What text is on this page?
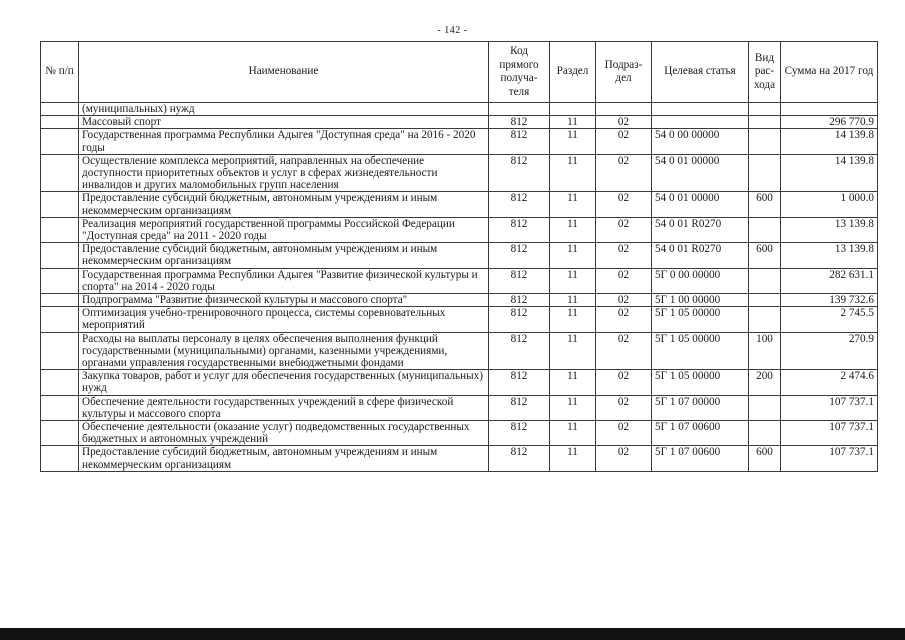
- 142 -
№ п/п	Наименование	Код прямого получа-теля	Раздел	Подраз-дел	Целевая статья	Вид рас-хода	Сумма на 2017 год
	(муниципальных) нужд						
	Массовый спорт	812	11	02			296 770.9
	Государственная программа Республики Адыгея "Доступная среда" на 2016 - 2020 годы	812	11	02	54 0 00 00000		14 139.8
	Осуществление комплекса мероприятий, направленных на обеспечение доступности приоритетных объектов и услуг в сферах жизнедеятельности инвалидов и других маломобильных групп населения	812	11	02	54 0 01 00000		14 139.8
	Предоставление субсидий бюджетным, автономным учреждениям и иным некоммерческим организациям	812	11	02	54 0 01 00000	600	1 000.0
	Реализация мероприятий государственной программы Российской Федерации "Доступная среда" на 2011 - 2020 годы	812	11	02	54 0 01 R0270		13 139.8
	Предоставление субсидий бюджетным, автономным учреждениям и иным некоммерческим организациям	812	11	02	54 0 01 R0270	600	13 139.8
	Государственная программа Республики Адыгея "Развитие физической культуры и спорта" на 2014 - 2020 годы	812	11	02	5Г 0 00 00000		282 631.1
	Подпрограмма "Развитие физической культуры и массового спорта"	812	11	02	5Г 1 00 00000		139 732.6
	Оптимизация учебно-тренировочного процесса, системы соревновательных мероприятий	812	11	02	5Г 1 05 00000		2 745.5
	Расходы на выплаты персоналу в целях обеспечения выполнения функций государственными (муниципальными) органами, казенными учреждениями, органами управления государственными внебюджетными фондами	812	11	02	5Г 1 05 00000	100	270.9
	Закупка товаров, работ и услуг для обеспечения государственных (муниципальных) нужд	812	11	02	5Г 1 05 00000	200	2 474.6
	Обеспечение деятельности государственных учреждений в сфере физической культуры и массового спорта	812	11	02	5Г 1 07 00000		107 737.1
	Обеспечение деятельности (оказание услуг) подведомственных государственных бюджетных и автономных учреждений	812	11	02	5Г 1 07 00600		107 737.1
	Предоставление субсидий бюджетным, автономным учреждениям и иным некоммерческим организациям	812	11	02	5Г 1 07 00600	600	107 737.1
